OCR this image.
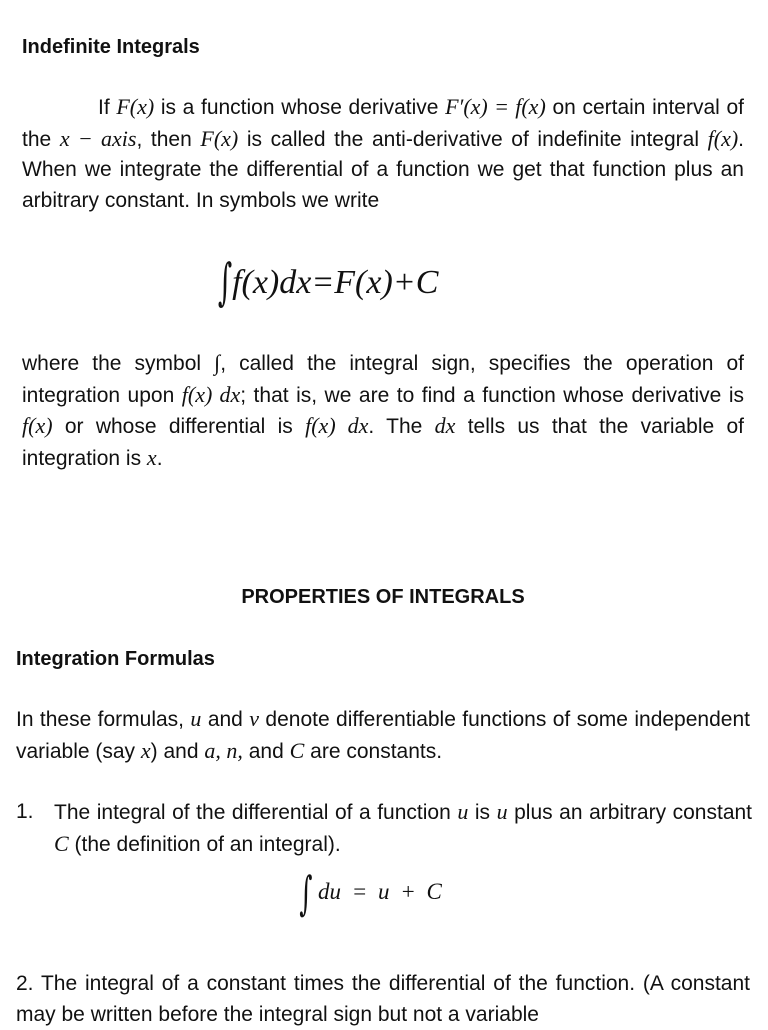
Indefinite Integrals
If F(x) is a function whose derivative F′(x) = f(x) on certain interval of the x − axis, then F(x) is called the anti-derivative of indefinite integral f(x). When we integrate the differential of a function we get that function plus an arbitrary constant. In symbols we write
∫f(x)dx=F(x)+C
where the symbol ∫, called the integral sign, specifies the operation of integration upon f(x) dx; that is, we are to find a function whose derivative is f(x) or whose differential is f(x) dx. The dx tells us that the variable of integration is x.
PROPERTIES OF INTEGRALS
Integration Formulas
In these formulas, u and v denote differentiable functions of some independent variable (say x) and a, n, and C are constants.
1. The integral of the differential of a function u is u plus an arbitrary constant C (the definition of an integral).
∫ du = u + C
2. The integral of a constant times the differential of the function. (A constant may be written before the integral sign but not a variable
